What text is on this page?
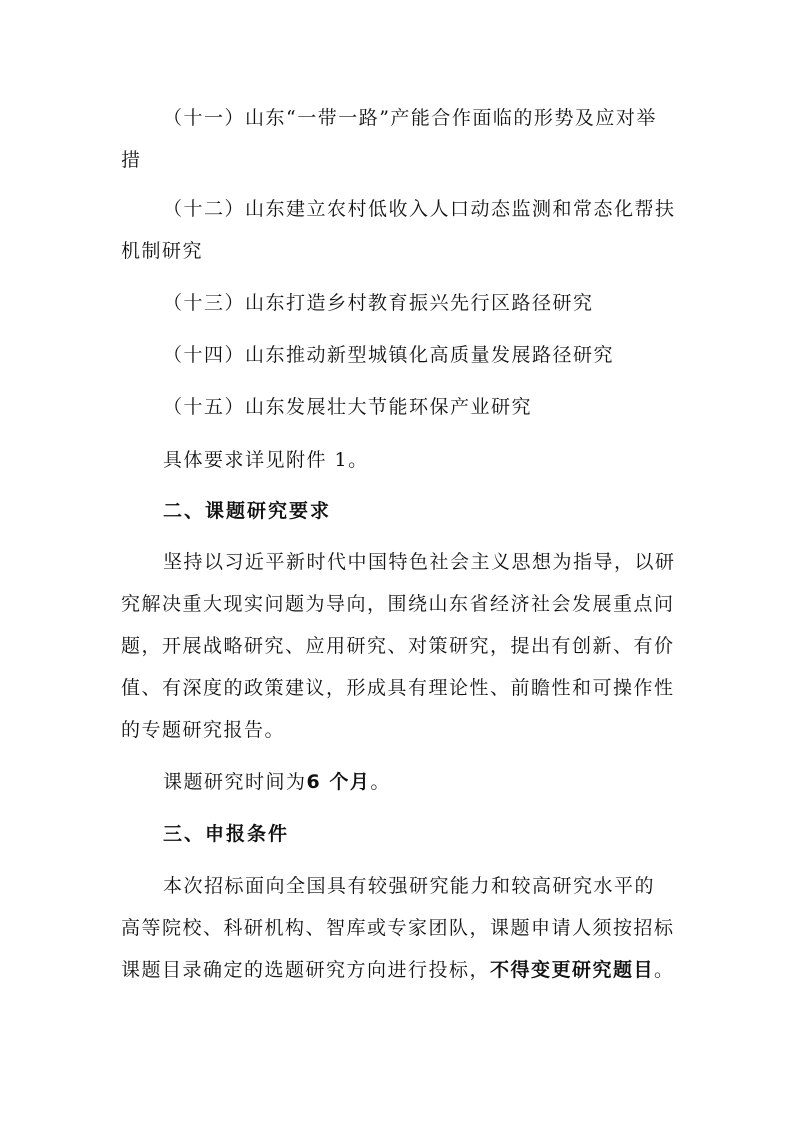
（十一）山东“一带一路”产能合作面临的形势及应对举
措
（十二）山东建立农村低收入人口动态监测和常态化帮扶
机制研究
（十三）山东打造乡村教育振兴先行区路径研究
（十四）山东推动新型城镇化高质量发展路径研究
（十五）山东发展壮大节能环保产业研究
具体要求详见附件 1。
二、课题研究要求
坚持以习近平新时代中国特色社会主义思想为指导，以研
究解决重大现实问题为导向，围绕山东省经济社会发展重点问
题，开展战略研究、应用研究、对策研究，提出有创新、有价
值、有深度的政策建议，形成具有理论性、前瞻性和可操作性
的专题研究报告。
课题研究时间为6 个月。
三、申报条件
本次招标面向全国具有较强研究能力和较高研究水平的
高等院校、科研机构、智库或专家团队，课题申请人须按招标
课题目录确定的选题研究方向进行投标，不得变更研究题目。
